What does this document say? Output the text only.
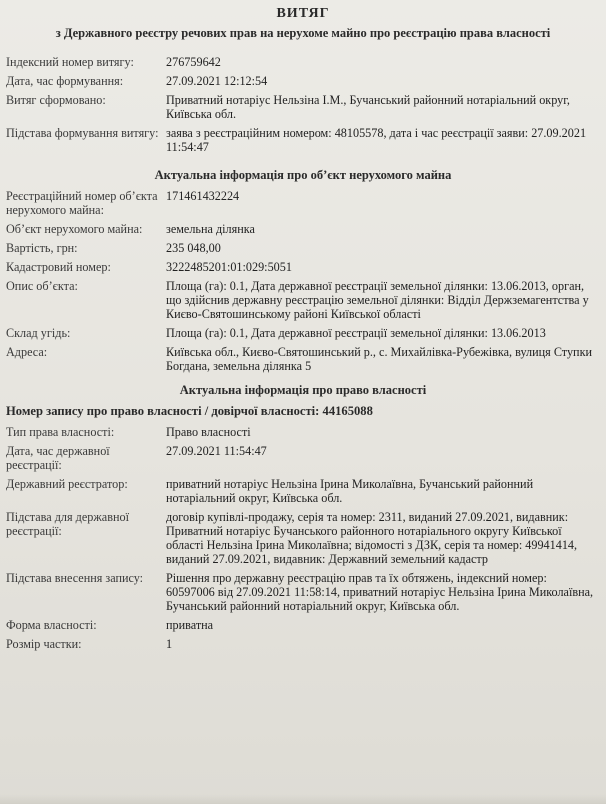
ВИТЯГ
з Державного реєстру речових прав на нерухоме майно про реєстрацію права власності
Індексний номер витягу:	276759642
Дата, час формування:	27.09.2021 12:12:54
Витяг сформовано:	Приватний нотаріус Нельзіна І.М., Бучанський районний нотаріальний округ, Київська обл.
Підстава формування витягу: заява з реєстраційним номером: 48105578, дата і час реєстрації заяви: 27.09.2021 11:54:47
Актуальна інформація про об’єкт нерухомого майна
Реєстраційний номер об’єкта нерухомого майна:
171461432224
Об’єкт нерухомого майна:	земельна ділянка
Вартість, грн:	235 048,00
Кадастровий номер:	3222485201:01:029:5051
Опис об’єкта:	Площа (га): 0.1, Дата державної реєстрації земельної ділянки: 13.06.2013, орган, що здійснив державну реєстрацію земельної ділянки: Відділ Держземагентства у Києво-Святошинському районі Київської області
Склад угідь:	Площа (га): 0.1, Дата державної реєстрації земельної ділянки: 13.06.2013
Адреса:	Київська обл., Києво-Святошинський р., с. Михайлівка-Рубежівка, вулиця Ступки Богдана, земельна ділянка 5
Актуальна інформація про право власності
Номер запису про право власності / довірчої власності: 44165088
Тип права власності:	Право власності
Дата, час державної реєстрації:
27.09.2021 11:54:47
Державний реєстратор:	приватний нотаріус Нельзіна Ірина Миколаївна, Бучанський районний нотаріальний округ, Київська обл.
Підстава для державної реєстрації:
договір купівлі-продажу, серія та номер: 2311, виданий 27.09.2021, видавник: Приватний нотаріус Бучанського районного нотаріального округу Київської області Нельзіна Ірина Миколаївна; відомості з ДЗК, серія та номер: 49941414, виданий 27.09.2021, видавник: Державний земельний кадастр
Підстава внесення запису:	Рішення про державну реєстрацію прав та їх обтяжень, індексний номер: 60597006 від 27.09.2021 11:58:14, приватний нотаріус Нельзіна Ірина Миколаївна, Бучанський районний нотаріальний округ, Київська обл.
Форма власності:	приватна
Розмір частки:	1
